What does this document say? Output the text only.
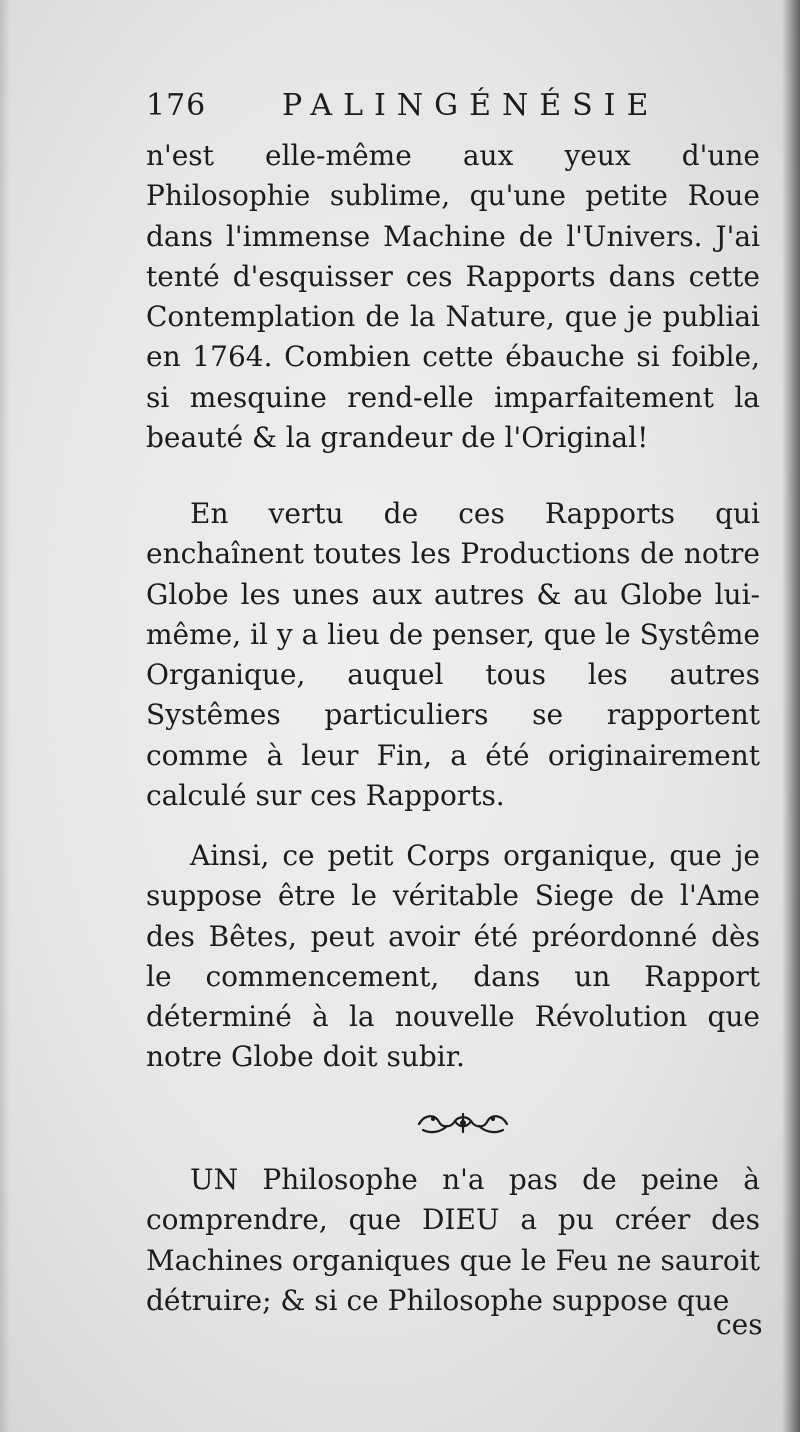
176	PALINGÉNÉSIE

n'est elle-même aux yeux d'une Philosophie sublime, qu'une petite Roue dans l'immense Machine de l'Univers. J'ai tenté d'esquisser ces Rapports dans cette Contemplation de la Nature, que je publiai en 1764. Combien cette ébauche si foible, si mesquine rend-elle imparfaitement la beauté & la grandeur de l'Original!

En vertu de ces Rapports qui enchaînent toutes les Productions de notre Globe les unes aux autres & au Globe lui-même, il y a lieu de penser, que le Systême Organique, auquel tous les autres Systêmes particuliers se rapportent comme à leur Fin, a été originairement calculé sur ces Rapports.

Ainsi, ce petit Corps organique, que je suppose être le véritable Siege de l'Ame des Bêtes, peut avoir été préordonné dès le commencement, dans un Rapport déterminé à la nouvelle Révolution que notre Globe doit subir.

UN Philosophe n'a pas de peine à comprendre, que DIEU a pu créer des Machines organiques que le Feu ne sauroit détruire; & si ce Philosophe suppose que

ces
